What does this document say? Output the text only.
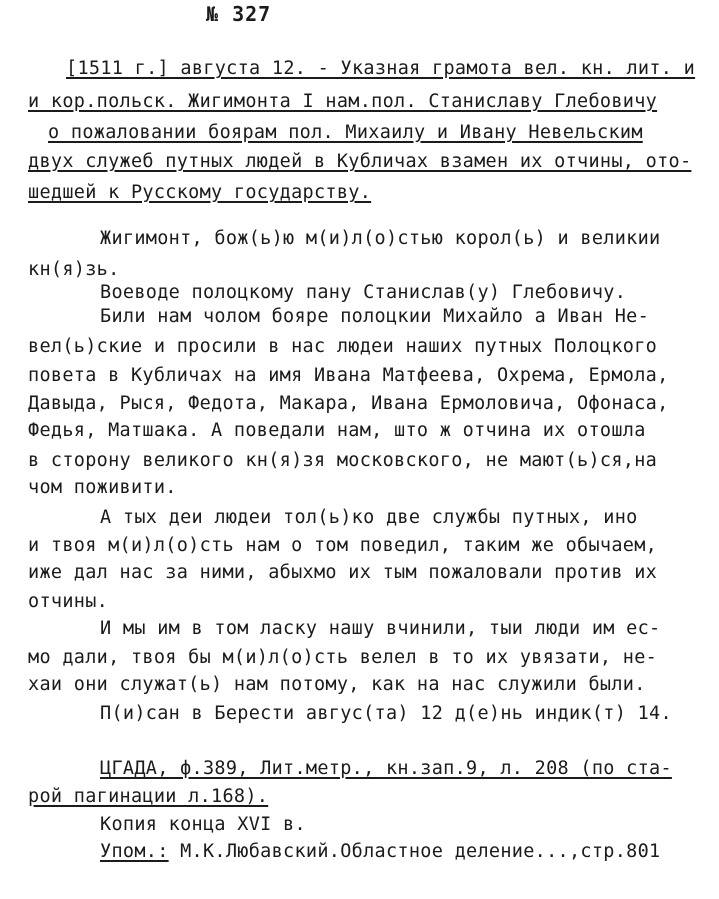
№ 327
[1511 г.] августа 12. - Указная грамота вел. кн. лит. и
и кор.польск. Жигимонта I нам.пол. Станиславу Глебовичу
о пожаловании боярам пол. Михаилу и Ивану Невельским
двух служеб путных людей в Кубличах взамен их отчины, ото-
шедшей к Русскому государству.
Жигимонт, бож(ь)ю м(и)л(о)стью корол(ь) и великии
кн(я)зь.
Воеводе полоцкому пану Станислав(у) Глебовичу.
Били нам чолом бояре полоцкии Михайло а Иван Не-
вел(ь)ские и просили в нас людеи наших путных Полоцкого
повета в Кубличах на имя Ивана Матфеева, Охрема, Ермола,
Давыда, Рыся, Федота, Макара, Ивана Ермоловича, Офонаса,
Федья, Матшака. А поведали нам, што ж отчина их отошла
в сторону великого кн(я)зя московского, не мают(ь)ся,на
чом поживити.
А тых деи людеи тол(ь)ко две службы путных, ино
и твоя м(и)л(о)сть нам о том поведил, таким же обычаем,
иже дал нас за ними, абыхмо их тым пожаловали против их
отчины.
И мы им в том ласку нашу вчинили, тыи люди им ес-
мо дали, твоя бы м(и)л(о)сть велел в то их увязати, не-
хаи они служат(ь) нам потому, как на нас служили были.
П(и)сан в Берести авгус(та) 12 д(е)нь индик(т) 14.
ЦГАДА, ф.389, Лит.метр., кн.зап.9, л. 208 (по ста-
рой пагинации л.168).
Копия конца XVI в.
Упом.: М.К.Любавский.Областное деление...,стр.801
